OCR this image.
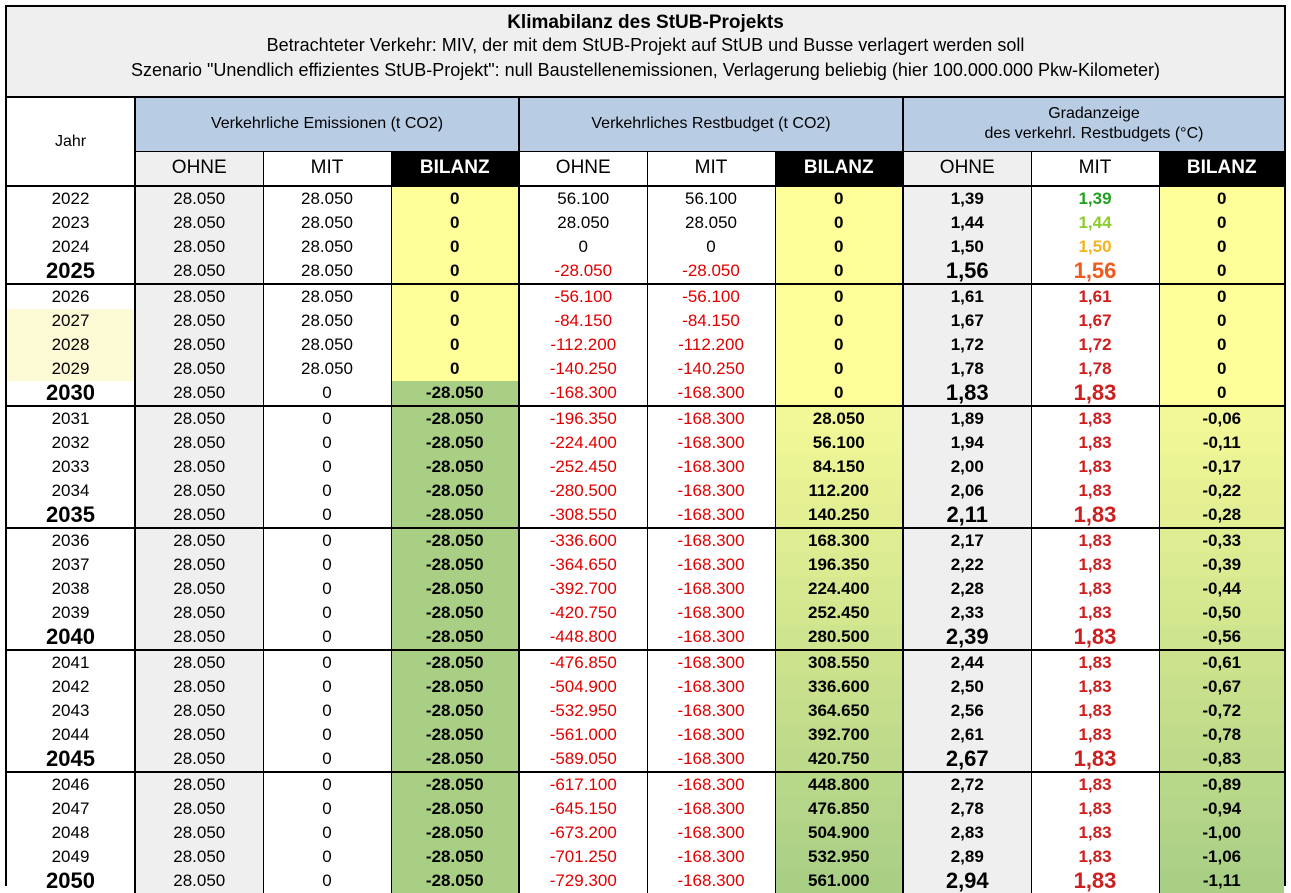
Klimabilanz des StUB-Projekts
Betrachteter Verkehr: MIV, der mit dem StUB-Projekt auf StUB und Busse verlagert werden soll
Szenario "Unendlich effizientes StUB-Projekt": null Baustellenemissionen, Verlagerung beliebig (hier 100.000.000 Pkw-Kilometer)
Jahr	Verkehrliche Emissionen (t CO2)			Verkehrliches Restbudget (t CO2)			Gradanzeige
des verkehrl. Restbudgets (°C)		

	OHNE	MIT	BILANZ	OHNE	MIT	BILANZ	OHNE	MIT	BILANZ
2022	28.050	28.050	0	56.100	56.100	0	1,39	1,39	0
2023	28.050	28.050	0	28.050	28.050	0	1,44	1,44	0
2024	28.050	28.050	0	0	0	0	1,50	1,50	0
2025	28.050	28.050	0	-28.050	-28.050	0	1,56	1,56	0
2026	28.050	28.050	0	-56.100	-56.100	0	1,61	1,61	0
2027	28.050	28.050	0	-84.150	-84.150	0	1,67	1,67	0
2028	28.050	28.050	0	-112.200	-112.200	0	1,72	1,72	0
2029	28.050	28.050	0	-140.250	-140.250	0	1,78	1,78	0
2030	28.050	0	-28.050	-168.300	-168.300	0	1,83	1,83	0
2031	28.050	0	-28.050	-196.350	-168.300	28.050	1,89	1,83	-0,06
2032	28.050	0	-28.050	-224.400	-168.300	56.100	1,94	1,83	-0,11
2033	28.050	0	-28.050	-252.450	-168.300	84.150	2,00	1,83	-0,17
2034	28.050	0	-28.050	-280.500	-168.300	112.200	2,06	1,83	-0,22
2035	28.050	0	-28.050	-308.550	-168.300	140.250	2,11	1,83	-0,28
2036	28.050	0	-28.050	-336.600	-168.300	168.300	2,17	1,83	-0,33
2037	28.050	0	-28.050	-364.650	-168.300	196.350	2,22	1,83	-0,39
2038	28.050	0	-28.050	-392.700	-168.300	224.400	2,28	1,83	-0,44
2039	28.050	0	-28.050	-420.750	-168.300	252.450	2,33	1,83	-0,50
2040	28.050	0	-28.050	-448.800	-168.300	280.500	2,39	1,83	-0,56
2041	28.050	0	-28.050	-476.850	-168.300	308.550	2,44	1,83	-0,61
2042	28.050	0	-28.050	-504.900	-168.300	336.600	2,50	1,83	-0,67
2043	28.050	0	-28.050	-532.950	-168.300	364.650	2,56	1,83	-0,72
2044	28.050	0	-28.050	-561.000	-168.300	392.700	2,61	1,83	-0,78
2045	28.050	0	-28.050	-589.050	-168.300	420.750	2,67	1,83	-0,83
2046	28.050	0	-28.050	-617.100	-168.300	448.800	2,72	1,83	-0,89
2047	28.050	0	-28.050	-645.150	-168.300	476.850	2,78	1,83	-0,94
2048	28.050	0	-28.050	-673.200	-168.300	504.900	2,83	1,83	-1,00
2049	28.050	0	-28.050	-701.250	-168.300	532.950	2,89	1,83	-1,06
2050	28.050	0	-28.050	-729.300	-168.300	561.000	2,94	1,83	-1,11
